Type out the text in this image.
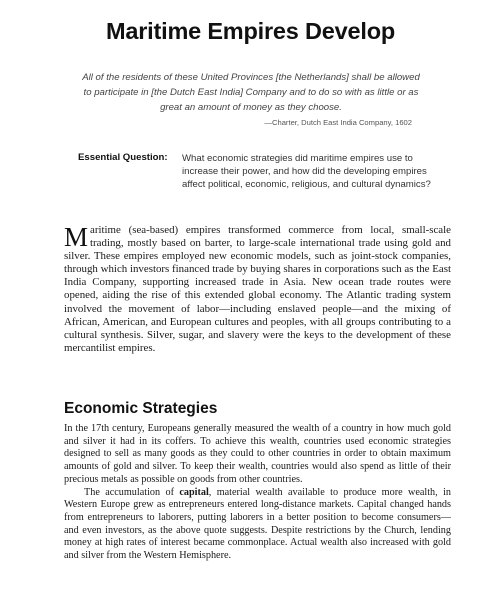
Maritime Empires Develop
All of the residents of these United Provinces [the Netherlands] shall be allowed to participate in [the Dutch East India] Company and to do so with as little or as great an amount of money as they choose.
—Charter, Dutch East India Company, 1602
Essential Question: What economic strategies did maritime empires use to increase their power, and how did the developing empires affect political, economic, religious, and cultural dynamics?

Maritime (sea-based) empires transformed commerce from local, small-scale trading, mostly based on barter, to large-scale international trade using gold and silver. These empires employed new economic models, such as joint-stock companies, through which investors financed trade by buying shares in corporations such as the East India Company, supporting increased trade in Asia. New ocean trade routes were opened, aiding the rise of this extended global economy. The Atlantic trading system involved the movement of labor—including enslaved people—and the mixing of African, American, and European cultures and peoples, with all groups contributing to a cultural synthesis. Silver, sugar, and slavery were the keys to the development of these mercantilist empires.

Economic Strategies

In the 17th century, Europeans generally measured the wealth of a country in how much gold and silver it had in its coffers. To achieve this wealth, countries used economic strategies designed to sell as many goods as they could to other countries in order to obtain maximum amounts of gold and silver. To keep their wealth, countries would also spend as little of their precious metals as possible on goods from other countries.

The accumulation of capital, material wealth available to produce more wealth, in Western Europe grew as entrepreneurs entered long-distance markets. Capital changed hands from entrepreneurs to laborers, putting laborers in a better position to become consumers—and even investors, as the above quote suggests. Despite restrictions by the Church, lending money at high rates of interest became commonplace. Actual wealth also increased with gold and silver from the Western Hemisphere.
